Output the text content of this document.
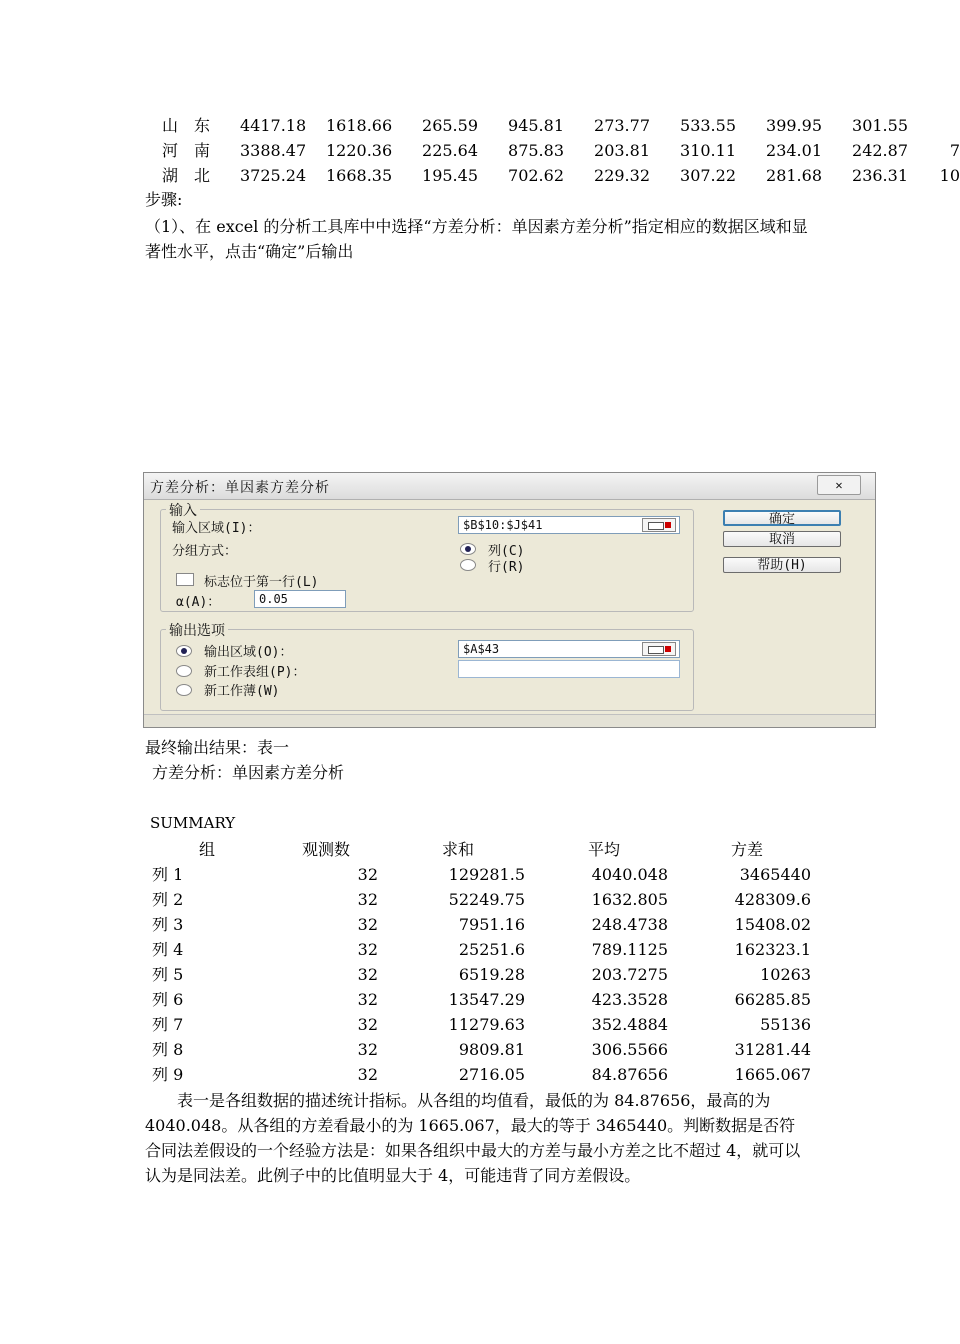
山　东 4417.18 1618.66	265.59	945.81	273.77	533.55	399.95	301.55
河　南 3388.47 1220.36	225.64	875.83	203.81	310.11	234.01	242.87	7
湖　北 3725.24 1668.35	195.45	702.62	229.32	307.22	281.68	236.31	10
步骤:
（1）、在 excel 的分析工具库中中选择“方差分析：单因素方差分析”指定相应的数据区域和显著性水平，点击“确定”后输出
方差分析：单因素方差分析	✕
输入
输入区域(I)：	$B$10:$J$41
分组方式：	列(C)
行(R)
标志位于第一行(L)
α(A)：	0.05
输出选项
输出区域(O)：	$A$43
新工作表组(P)：
新工作薄(W)
确定
取消
帮助(H)
最终输出结果：表一
方差分析：单因素方差分析
SUMMARY
组	观测数	求和	平均	方差
列 1	32	129281.5	4040.048	3465440
列 2	32	52249.75	1632.805	428309.6
列 3	32	7951.16	248.4738	15408.02
列 4	32	25251.6	789.1125	162323.1
列 5	32	6519.28	203.7275	10263
列 6	32	13547.29	423.3528	66285.85
列 7	32	11279.63	352.4884	55136
列 8	32	9809.81	306.5566	31281.44
列 9	32	2716.05	84.87656	1665.067
　　表一是各组数据的描述统计指标。从各组的均值看，最低的为 84.87656，最高的为 4040.048。从各组的方差看最小的为 1665.067，最大的等于 3465440。判断数据是否符合同法差假设的一个经验方法是：如果各组织中最大的方差与最小方差之比不超过 4，就可以认为是同法差。此例子中的比值明显大于 4，可能违背了同方差假设。
